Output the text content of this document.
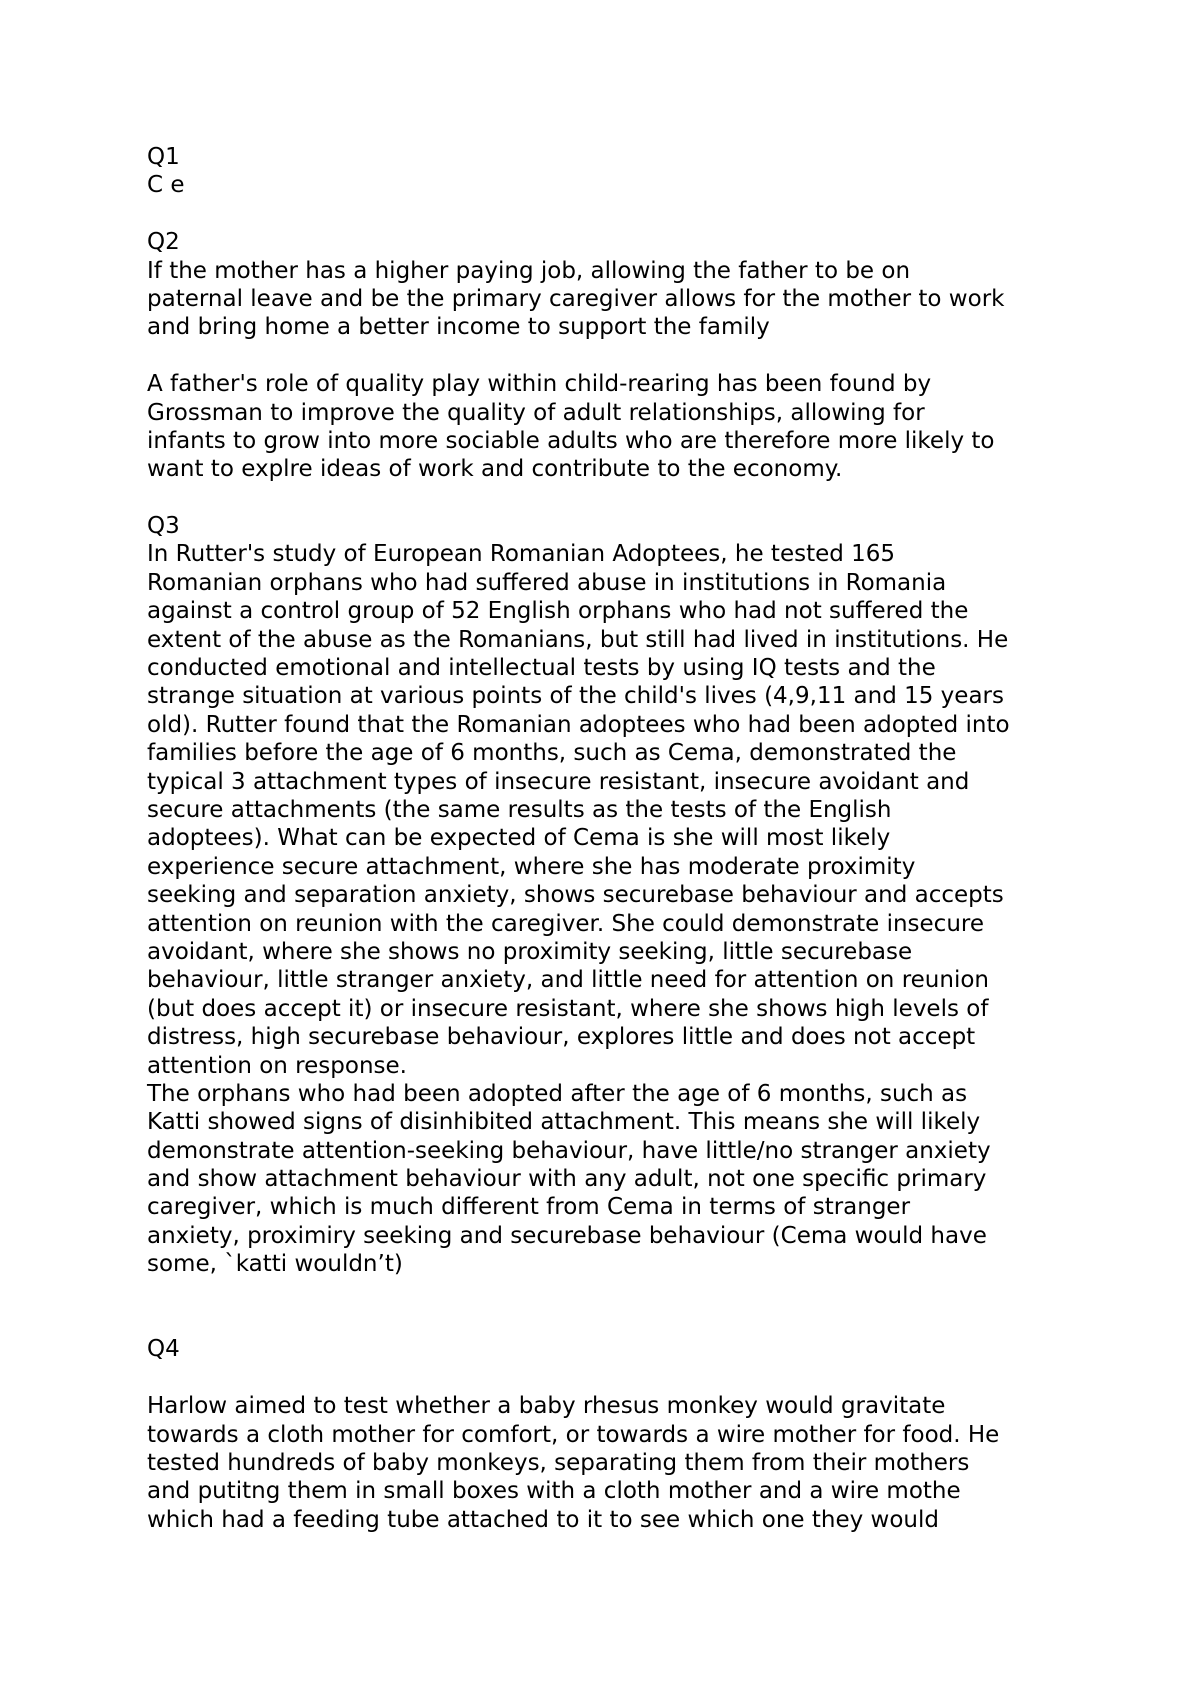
Q1
C e
Q2
If the mother has a higher paying job, allowing the father to be on
paternal leave and be the primary caregiver allows for the mother to work
and bring home a better income to support the family
A father's role of quality play within child-rearing has been found by
Grossman to improve the quality of adult relationships, allowing for
infants to grow into more sociable adults who are therefore more likely to
want to explre ideas of work and contribute to the economy.
Q3
In Rutter's study of European Romanian Adoptees, he tested 165
Romanian orphans who had suffered abuse in institutions in Romania
against a control group of 52 English orphans who had not suffered the
extent of the abuse as the Romanians, but still had lived in institutions. He
conducted emotional and intellectual tests by using IQ tests and the
strange situation at various points of the child's lives (4,9,11 and 15 years
old). Rutter found that the Romanian adoptees who had been adopted into
families before the age of 6 months, such as Cema, demonstrated the
typical 3 attachment types of insecure resistant, insecure avoidant and
secure attachments (the same results as the tests of the English
adoptees). What can be expected of Cema is she will most likely
experience secure attachment, where she has moderate proximity
seeking and separation anxiety, shows securebase behaviour and accepts
attention on reunion with the caregiver. She could demonstrate insecure
avoidant, where she shows no proximity seeking, little securebase
behaviour, little stranger anxiety, and little need for attention on reunion
(but does accept it) or insecure resistant, where she shows high levels of
distress, high securebase behaviour, explores little and does not accept
attention on response.
The orphans who had been adopted after the age of 6 months, such as
Katti showed signs of disinhibited attachment. This means she will likely
demonstrate attention-seeking behaviour, have little/no stranger anxiety
and show attachment behaviour with any adult, not one specific primary
caregiver, which is much different from Cema in terms of stranger
anxiety, proximiry seeking and securebase behaviour (Cema would have
some, `katti wouldn’t)
Q4
Harlow aimed to test whether a baby rhesus monkey would gravitate
towards a cloth mother for comfort, or towards a wire mother for food. He
tested hundreds of baby monkeys, separating them from their mothers
and putitng them in small boxes with a cloth mother and a wire mothe
which had a feeding tube attached to it to see which one they would
